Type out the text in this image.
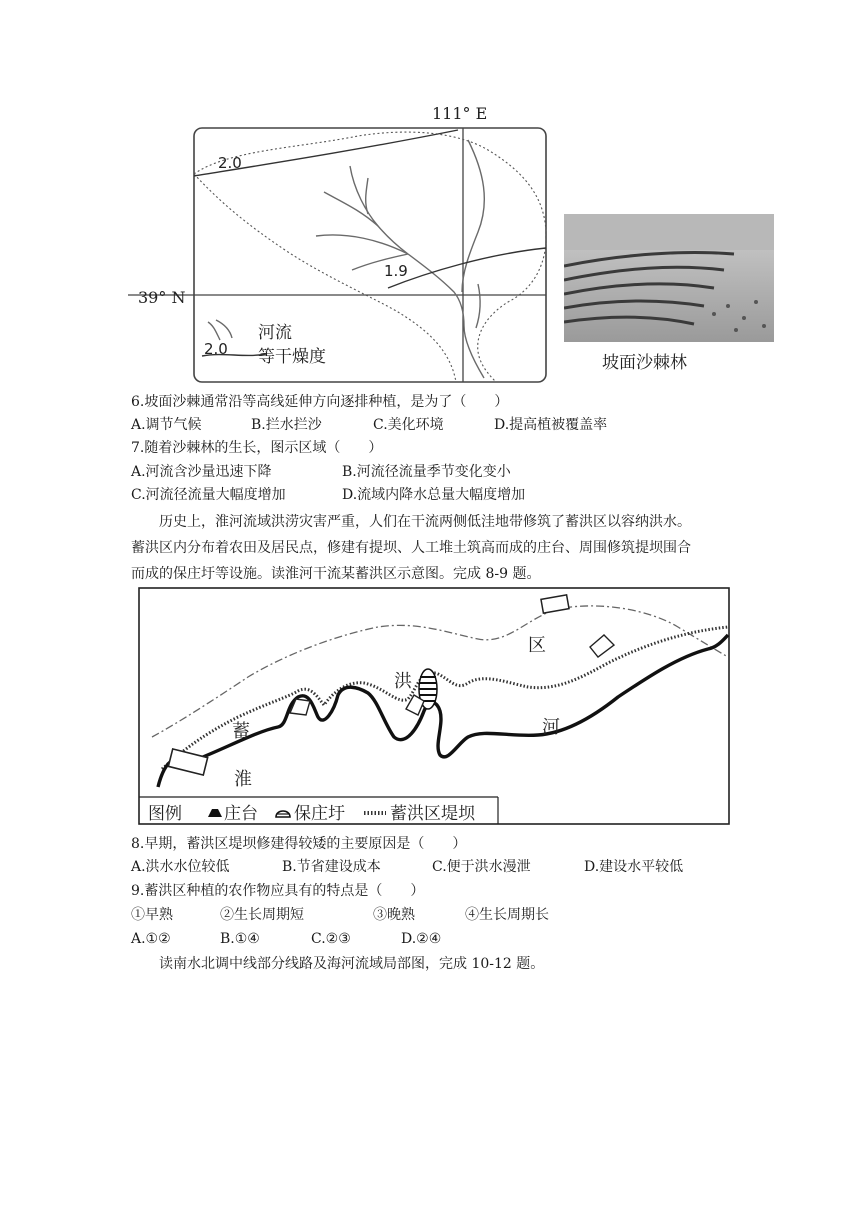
111° E
39° N
2.0
1.9
河流
2.0 等干燥度	坡面沙棘林
6.坡面沙棘通常沿等高线延伸方向逐排种植，是为了（　　）
A.调节气候	B.拦水拦沙	C.美化环境	D.提高植被覆盖率
7.随着沙棘林的生长，图示区域（　　）
A.河流含沙量迅速下降	B.河流径流量季节变化变小
C.河流径流量大幅度增加	D.流域内降水总量大幅度增加
历史上，淮河流域洪涝灾害严重，人们在干流两侧低洼地带修筑了蓄洪区以容纳洪水。
蓄洪区内分布着农田及居民点，修建有提坝、人工堆土筑高而成的庄台、周围修筑提坝围合
而成的保庄圩等设施。读淮河干流某蓄洪区示意图。完成 8-9 题。
蓄
洪
区
淮
河
图例 庄台 保庄圩	蓄洪区堤坝
8.早期，蓄洪区堤坝修建得较矮的主要原因是（　　）
A.洪水水位较低	B.节省建设成本	C.便于洪水漫泄	D.建设水平较低
9.蓄洪区种植的农作物应具有的特点是（　　）
①早熟	②生长周期短	③晚熟	④生长周期长
A.①②	B.①④	C.②③	D.②④
读南水北调中线部分线路及海河流域局部图，完成 10-12 题。
